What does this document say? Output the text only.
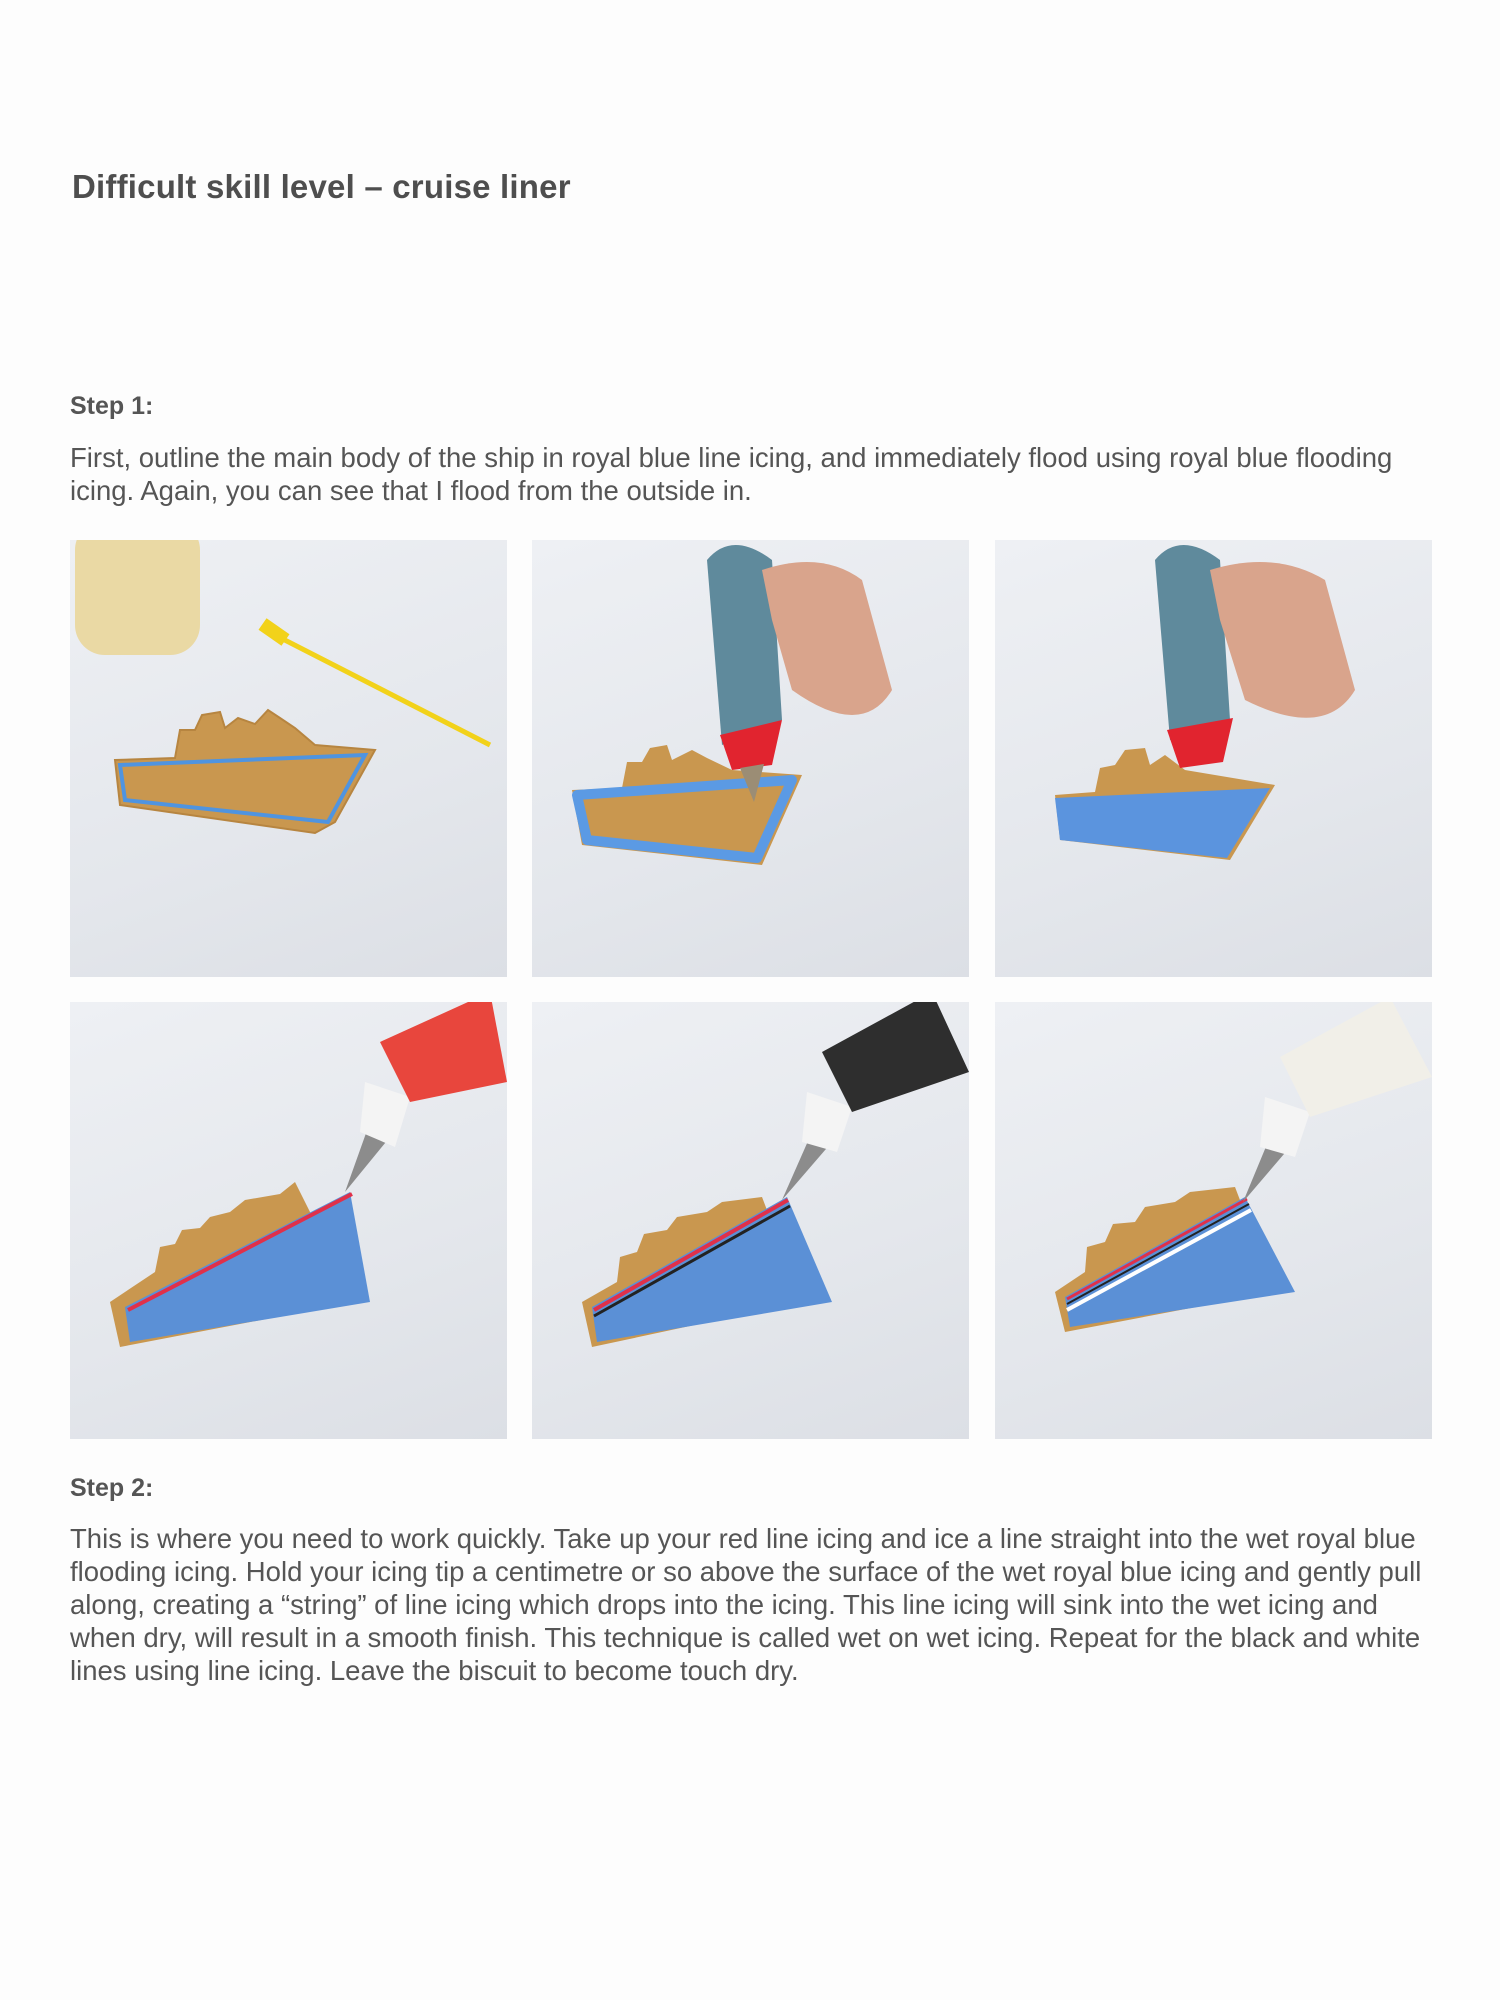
Difficult skill level – cruise liner
Step 1:

First, outline the main body of the ship in royal blue line icing, and immediately flood using royal blue flooding icing. Again, you can see that I flood from the outside in.

Step 2:

This is where you need to work quickly. Take up your red line icing and ice a line straight into the wet royal blue flooding icing. Hold your icing tip a centimetre or so above the surface of the wet royal blue icing and gently pull along, creating a “string” of line icing which drops into the icing. This line icing will sink into the wet icing and when dry, will result in a smooth finish. This technique is called wet on wet icing. Repeat for the black and white lines using line icing. Leave the biscuit to become touch dry.
